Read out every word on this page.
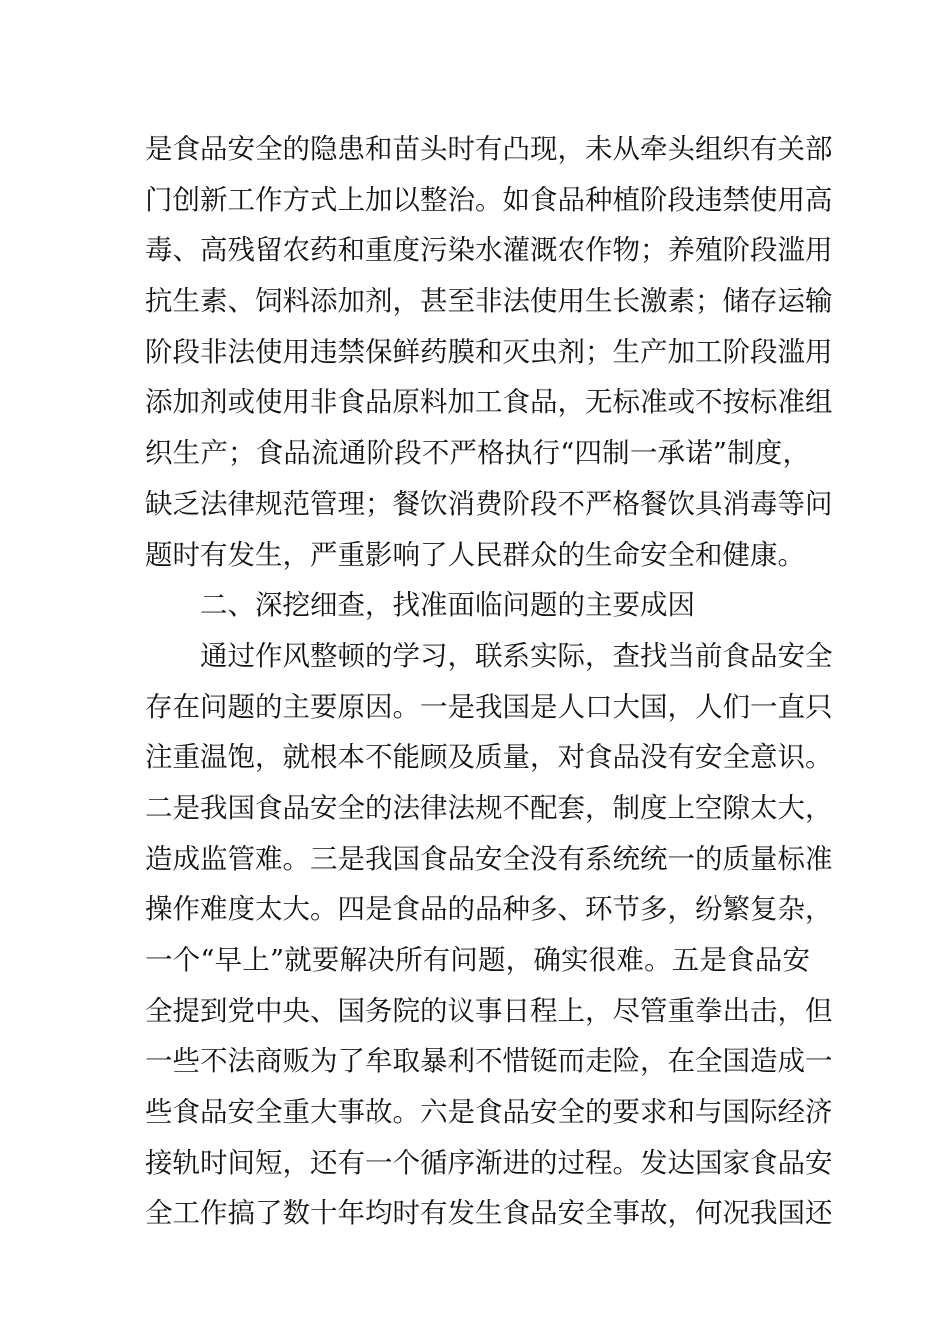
是食品安全的隐患和苗头时有凸现，未从牵头组织有关部
门创新工作方式上加以整治。如食品种植阶段违禁使用高
毒、高残留农药和重度污染水灌溉农作物；养殖阶段滥用
抗生素、饲料添加剂，甚至非法使用生长激素；储存运输
阶段非法使用违禁保鲜药膜和灭虫剂；生产加工阶段滥用
添加剂或使用非食品原料加工食品，无标准或不按标准组
织生产；食品流通阶段不严格执行“四制一承诺”制度，
缺乏法律规范管理；餐饮消费阶段不严格餐饮具消毒等问
题时有发生，严重影响了人民群众的生命安全和健康。
二、深挖细查，找准面临问题的主要成因
通过作风整顿的学习，联系实际，查找当前食品安全
存在问题的主要原因。一是我国是人口大国，人们一直只
注重温饱，就根本不能顾及质量，对食品没有安全意识。
二是我国食品安全的法律法规不配套，制度上空隙太大，
造成监管难。三是我国食品安全没有系统统一的质量标准
操作难度太大。四是食品的品种多、环节多，纷繁复杂，
一个“早上”就要解决所有问题，确实很难。五是食品安
全提到党中央、国务院的议事日程上，尽管重拳出击，但
一些不法商贩为了牟取暴利不惜铤而走险，在全国造成一
些食品安全重大事故。六是食品安全的要求和与国际经济
接轨时间短，还有一个循序渐进的过程。发达国家食品安
全工作搞了数十年均时有发生食品安全事故，何况我国还
